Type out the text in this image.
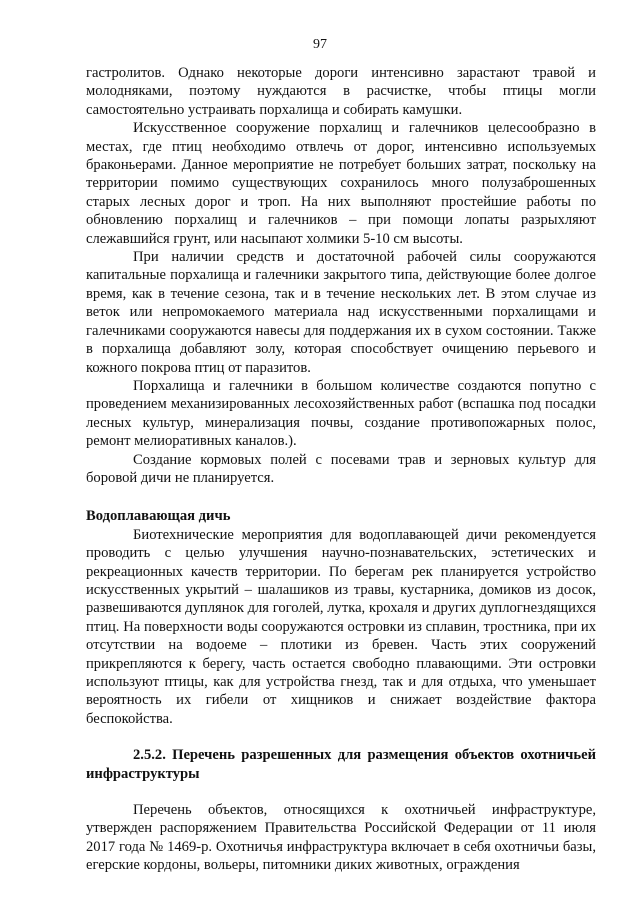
97

гастролитов. Однако некоторые дороги интенсивно зарастают травой и молодняками, поэтому нуждаются в расчистке, чтобы птицы могли самостоятельно устраивать порхалища и собирать камушки.

Искусственное сооружение порхалищ и галечников целесообразно в местах, где птиц необходимо отвлечь от дорог, интенсивно используемых браконьерами. Данное мероприятие не потребует больших затрат, поскольку на территории помимо существующих сохранилось много полузаброшенных старых лесных дорог и троп. На них выполняют простейшие работы по обновлению порхалищ и галечников – при помощи лопаты разрыхляют слежавшийся грунт, или насыпают холмики 5-10 см высоты.

При наличии средств и достаточной рабочей силы сооружаются капитальные порхалища и галечники закрытого типа, действующие более долгое время, как в течение сезона, так и в течение нескольких лет. В этом случае из веток или непромокаемого материала над искусственными порхалищами и галечниками сооружаются навесы для поддержания их в сухом состоянии. Также в порхалища добавляют золу, которая способствует очищению перьевого и кожного покрова птиц от паразитов.

Порхалища и галечники в большом количестве создаются попутно с проведением механизированных лесохозяйственных работ (вспашка под посадки лесных культур, минерализация почвы, создание противопожарных полос, ремонт мелиоративных каналов.).

Создание кормовых полей с посевами трав и зерновых культур для боровой дичи не планируется.

Водоплавающая дичь

Биотехнические мероприятия для водоплавающей дичи рекомендуется проводить с целью улучшения научно-познавательских, эстетических и рекреационных качеств территории. По берегам рек планируется устройство искусственных укрытий – шалашиков из травы, кустарника, домиков из досок, развешиваются дуплянок для гоголей, лутка, крохаля и других дуплогнездящихся птиц. На поверхности воды сооружаются островки из сплавин, тростника, при их отсутствии на водоеме – плотики из бревен. Часть этих сооружений прикрепляются к берегу, часть остается свободно плавающими. Эти островки используют птицы, как для устройства гнезд, так и для отдыха, что уменьшает вероятность их гибели от хищников и снижает воздействие фактора беспокойства.

2.5.2. Перечень разрешенных для размещения объектов охотничьей инфраструктуры

Перечень объектов, относящихся к охотничьей инфраструктуре, утвержден распоряжением Правительства Российской Федерации от 11 июля 2017 года № 1469-р. Охотничья инфраструктура включает в себя охотничьи базы, егерские кордоны, вольеры, питомники диких животных, ограждения
